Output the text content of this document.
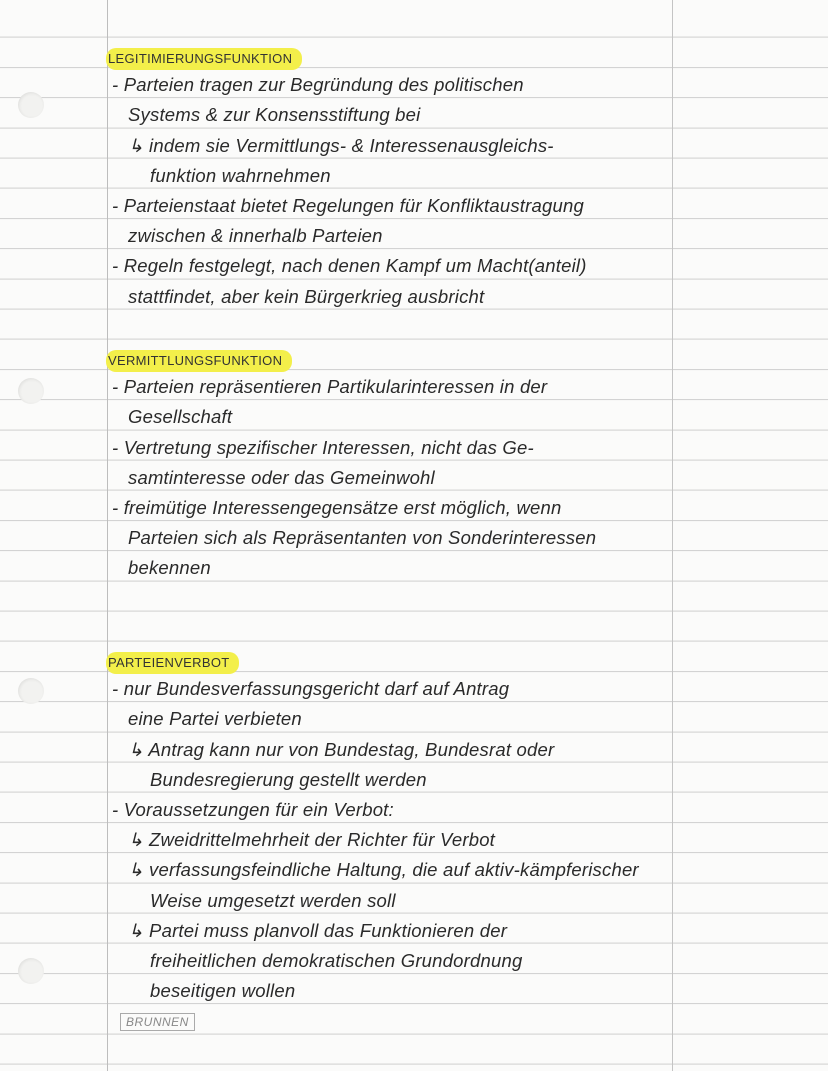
LEGITIMIERUNGSFUNKTION
- Parteien tragen zur Begründung des politischen
Systems & zur Konsensstiftung bei
↳ indem sie Vermittlungs- & Interessenausgleichs-
funktion wahrnehmen
- Parteienstaat bietet Regelungen für Konfliktaustragung
zwischen & innerhalb Parteien
- Regeln festgelegt, nach denen Kampf um Macht(anteil)
stattfindet, aber kein Bürgerkrieg ausbricht
VERMITTLUNGSFUNKTION
- Parteien repräsentieren Partikularinteressen in der
Gesellschaft
- Vertretung spezifischer Interessen, nicht das Ge-
samtinteresse oder das Gemeinwohl
- freimütige Interessengegensätze erst möglich, wenn
Parteien sich als Repräsentanten von Sonderinteressen
bekennen
PARTEIENVERBOT
- nur Bundesverfassungsgericht darf auf Antrag
eine Partei verbieten
↳ Antrag kann nur von Bundestag, Bundesrat oder
Bundesregierung gestellt werden
- Voraussetzungen für ein Verbot:
↳ Zweidrittelmehrheit der Richter für Verbot
↳ verfassungsfeindliche Haltung, die auf aktiv-kämpferischer
Weise umgesetzt werden soll
↳ Partei muss planvoll das Funktionieren der
freiheitlichen demokratischen Grundordnung
beseitigen wollen
BRUNNEN
